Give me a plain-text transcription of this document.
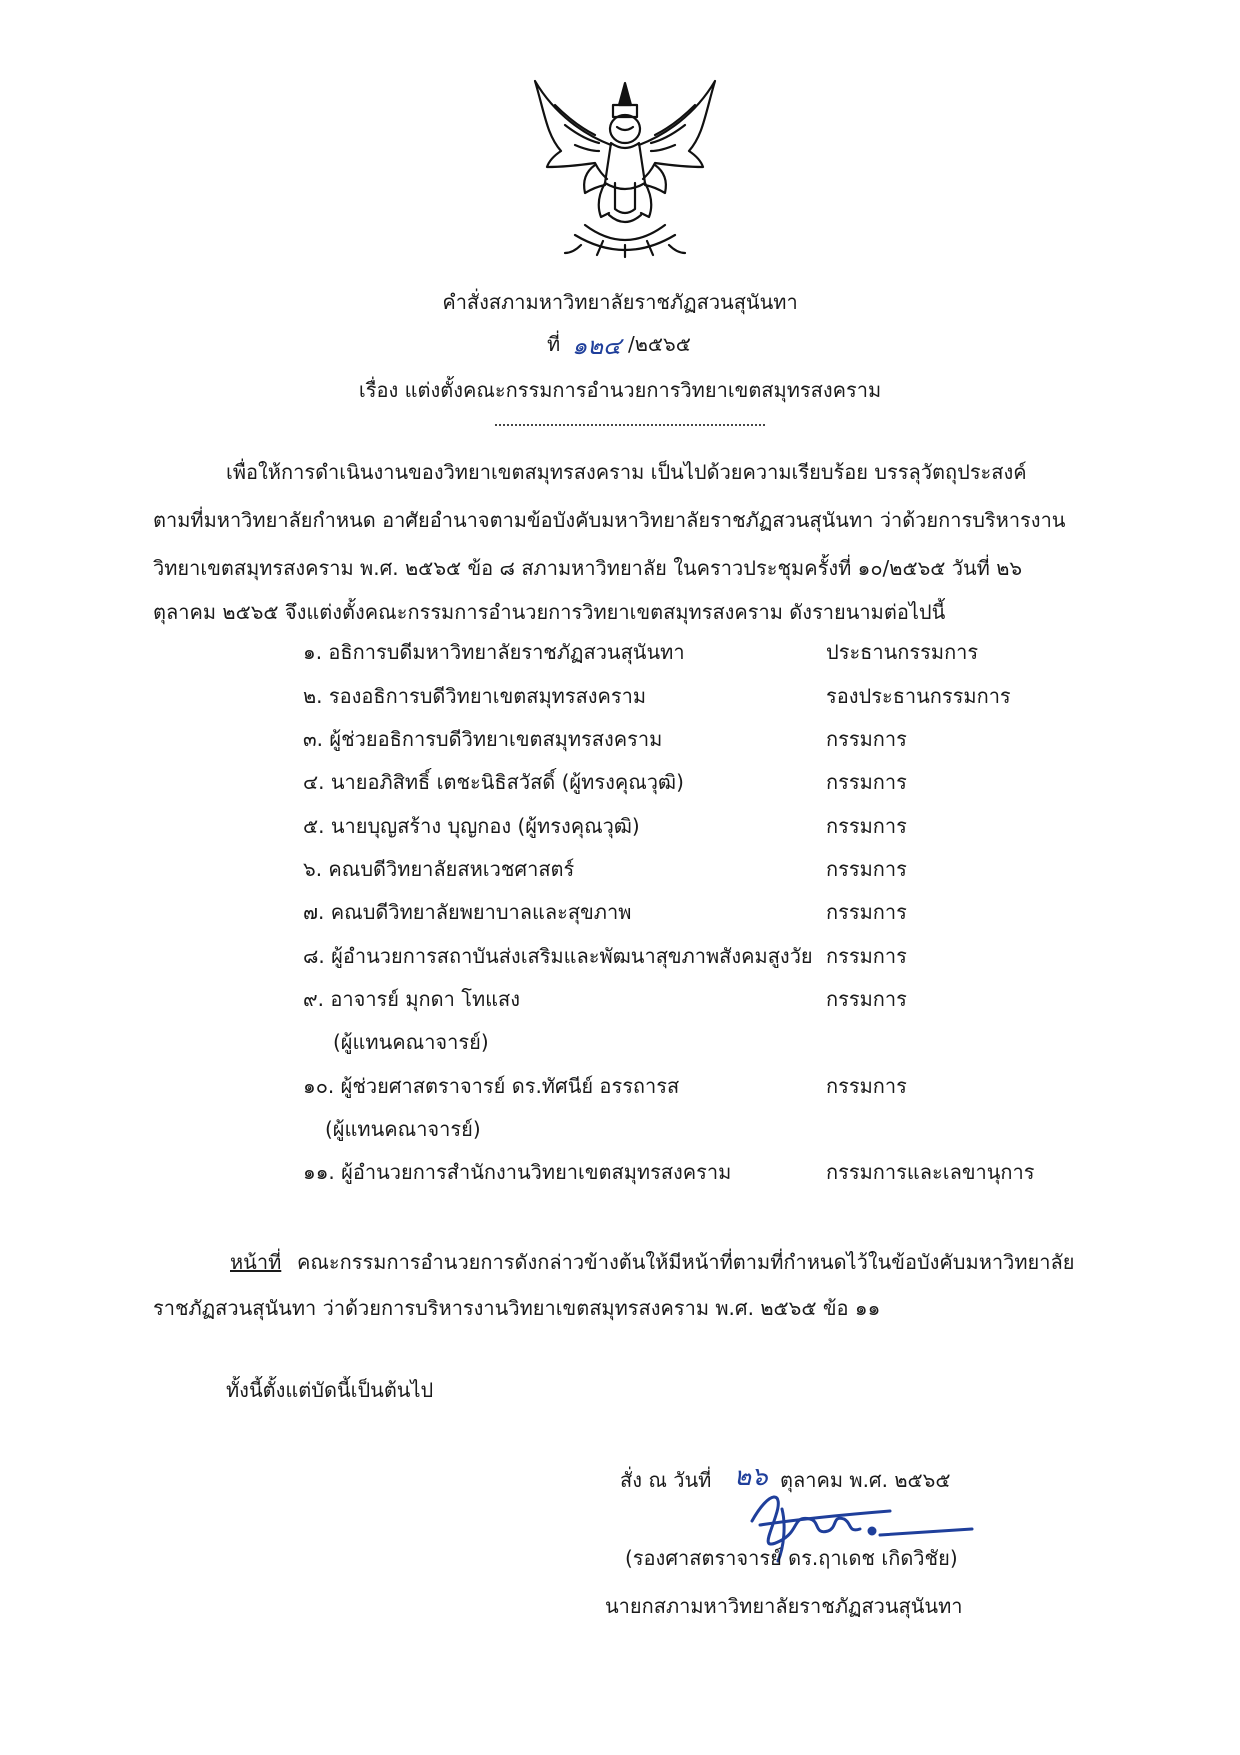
คำสั่งสภามหาวิทยาลัยราชภัฏสวนสุนันทา
ที่ ๑๒๔ /๒๕๖๕
เรื่อง แต่งตั้งคณะกรรมการอำนวยการวิทยาเขตสมุทรสงคราม
เพื่อให้การดำเนินงานของวิทยาเขตสมุทรสงคราม เป็นไปด้วยความเรียบร้อย บรรลุวัตถุประสงค์
ตามที่มหาวิทยาลัยกำหนด อาศัยอำนาจตามข้อบังคับมหาวิทยาลัยราชภัฏสวนสุนันทา ว่าด้วยการบริหารงาน
วิทยาเขตสมุทรสงคราม พ.ศ. ๒๕๖๕ ข้อ ๘ สภามหาวิทยาลัย ในคราวประชุมครั้งที่ ๑๐/๒๕๖๕ วันที่ ๒๖
ตุลาคม ๒๕๖๕ จึงแต่งตั้งคณะกรรมการอำนวยการวิทยาเขตสมุทรสงคราม ดังรายนามต่อไปนี้
๑. อธิการบดีมหาวิทยาลัยราชภัฏสวนสุนันทา	ประธานกรรมการ
๒. รองอธิการบดีวิทยาเขตสมุทรสงคราม	รองประธานกรรมการ
๓. ผู้ช่วยอธิการบดีวิทยาเขตสมุทรสงคราม	กรรมการ
๔. นายอภิสิทธิ์ เตชะนิธิสวัสดิ์ (ผู้ทรงคุณวุฒิ)	กรรมการ
๕. นายบุญสร้าง บุญกอง (ผู้ทรงคุณวุฒิ)	กรรมการ
๖. คณบดีวิทยาลัยสหเวชศาสตร์	กรรมการ
๗. คณบดีวิทยาลัยพยาบาลและสุขภาพ	กรรมการ
๘. ผู้อำนวยการสถาบันส่งเสริมและพัฒนาสุขภาพสังคมสูงวัย กรรมการ
๙. อาจารย์ มุกดา โทแสง	กรรมการ
(ผู้แทนคณาจารย์)
๑๐. ผู้ช่วยศาสตราจารย์ ดร.ทัศนีย์ อรรถารส	กรรมการ
(ผู้แทนคณาจารย์)
๑๑. ผู้อำนวยการสำนักงานวิทยาเขตสมุทรสงคราม	กรรมการและเลขานุการ
หน้าที่ คณะกรรมการอำนวยการดังกล่าวข้างต้นให้มีหน้าที่ตามที่กำหนดไว้ในข้อบังคับมหาวิทยาลัย
ราชภัฏสวนสุนันทา ว่าด้วยการบริหารงานวิทยาเขตสมุทรสงคราม พ.ศ. ๒๕๖๕ ข้อ ๑๑
ทั้งนี้ตั้งแต่บัดนี้เป็นต้นไป
สั่ง ณ วันที่ ๒๖ ตุลาคม พ.ศ. ๒๕๖๕
(รองศาสตราจารย์ ดร.ฤาเดช เกิดวิชัย)
นายกสภามหาวิทยาลัยราชภัฏสวนสุนันทา
